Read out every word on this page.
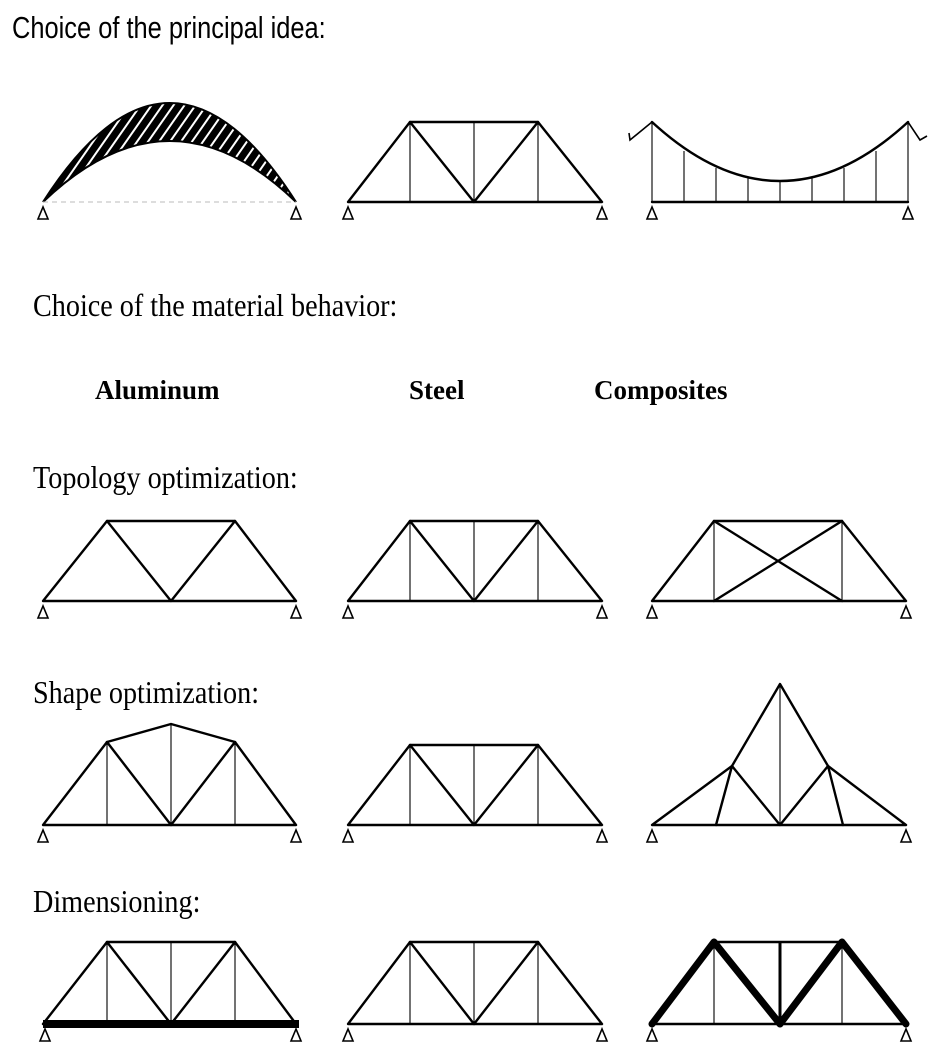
Choice of the principal idea:
Choice of the material behavior:
Aluminum	Steel	Composites
Topology optimization:
Shape optimization:
Dimensioning:
